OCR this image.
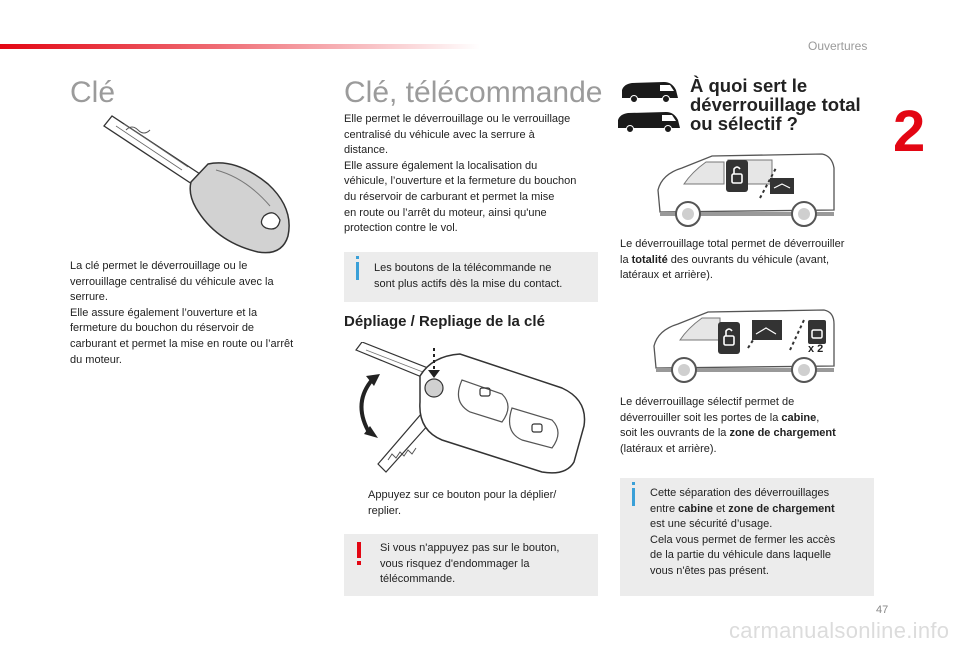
Ouvertures
2
47
carmanualsonline.info
Clé
La clé permet le déverrouillage ou le
verrouillage centralisé du véhicule avec la
serrure.
Elle assure également l’ouverture et la
fermeture du bouchon du réservoir de
carburant et permet la mise en route ou l’arrêt
du moteur.
Clé, télécommande
Elle permet le déverrouillage ou le verrouillage
centralisé du véhicule avec la serrure à
distance.
Elle assure également la localisation du
véhicule, l’ouverture et la fermeture du bouchon
du réservoir de carburant et permet la mise
en route ou l’arrêt du moteur, ainsi qu'une
protection contre le vol.
Les boutons de la télécommande ne
sont plus actifs dès la mise du contact.
Dépliage / Repliage de la clé
Appuyez sur ce bouton pour la déplier/
replier.
Si vous n'appuyez pas sur le bouton,
vous risquez d'endommager la
télécommande.
À quoi sert le
déverrouillage total
ou sélectif ?
Le déverrouillage total permet de déverrouiller
la totalité des ouvrants du véhicule (avant,
latéraux et arrière).
x 2
Le déverrouillage sélectif permet de
déverrouiller soit les portes de la cabine,
soit les ouvrants de la zone de chargement
(latéraux et arrière).
Cette séparation des déverrouillages
entre cabine et zone de chargement
est une sécurité d’usage.
Cela vous permet de fermer les accès
de la partie du véhicule dans laquelle
vous n'êtes pas présent.
